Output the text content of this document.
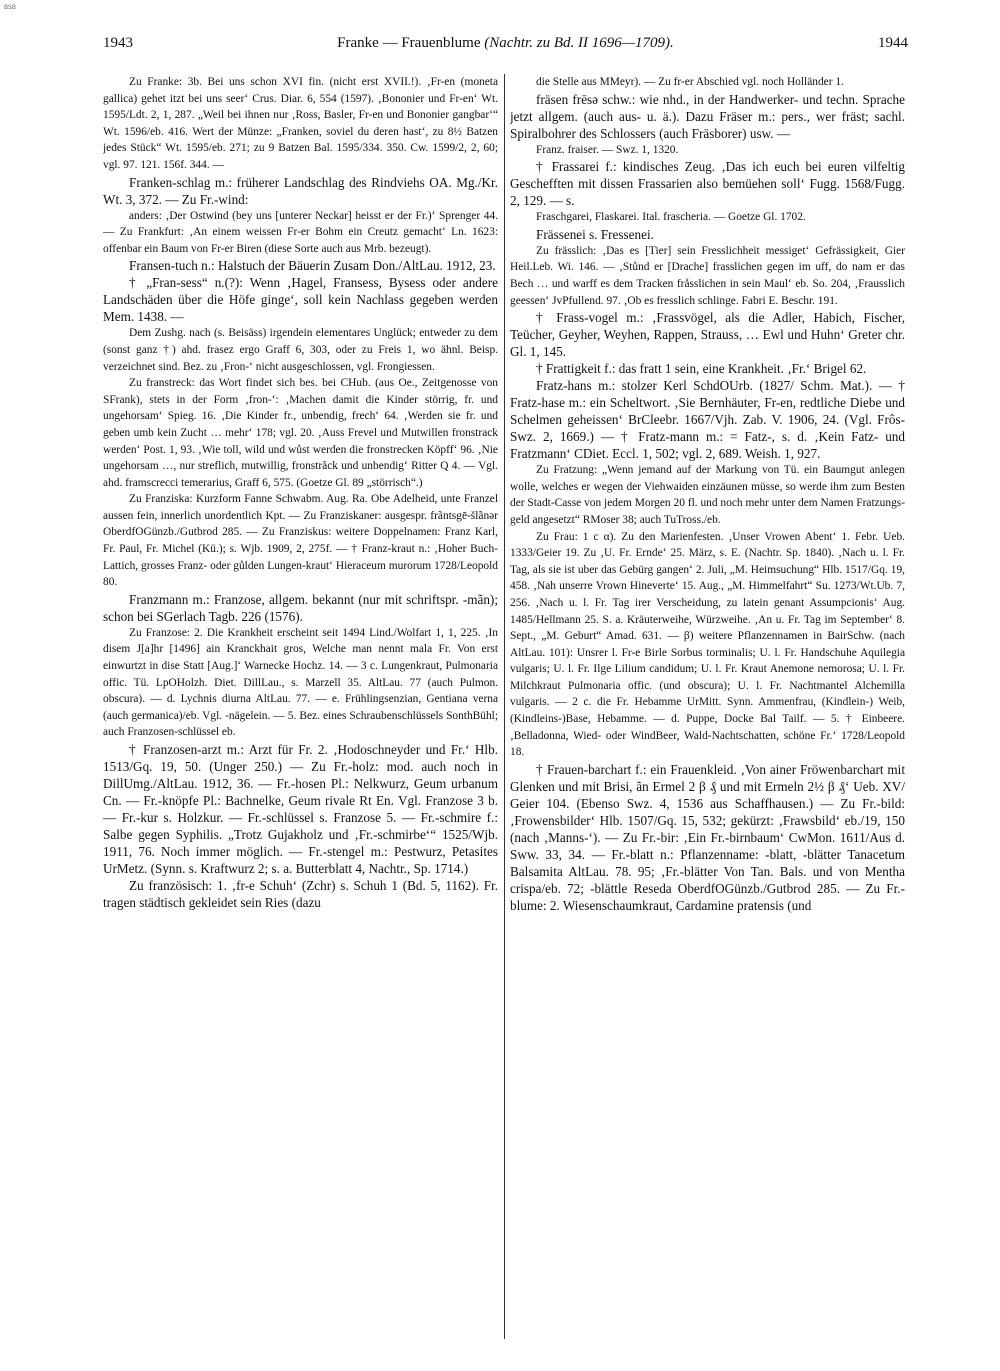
BSB
1943	Franke — Frauenblume (Nachtr. zu Bd. II 1696—1709).	1944

Zu Franke: 3b. Bei uns schon XVI fin. (nicht erst XVII.!). ‚Fr-en (moneta gallica) gehet itzt bei uns seer‘ Crus. Diar. 6, 554 (1597). ‚Bononier und Fr-en‘ Wt. 1595/Ldt. 2, 1, 287. „Weil bei ihnen nur ‚Ross, Basler, Fr-en und Bononier gangbar‘“ Wt. 1596/eb. 416. Wert der Münze: „Franken, soviel du deren hast‘, zu 8½ Batzen jedes Stück“ Wt. 1595/eb. 271; zu 9 Batzen Bal. 1595/334. 350. Cw. 1599/2, 2, 60; vgl. 97. 121. 156f. 344. —

Franken-schlag m.: früherer Landschlag des Rindviehs OA. Mg./Kr. Wt. 3, 372. — Zu Fr.-wind:

anders: ‚Der Ostwind (bey uns [unterer Neckar] heisst er der Fr.)‘ Sprenger 44. — Zu Frankfurt: ‚An einem weissen Fr-er Bohm ein Creutz gemacht‘ Ln. 1623: offenbar ein Baum von Fr-er Biren (diese Sorte auch aus Mrb. bezeugt).

Fransen-tuch n.: Halstuch der Bäuerin Zusam Don./AltLau. 1912, 23.

† „Fran-sess“ n.(?): Wenn ‚Hagel, Fransess, Bysess oder andere Landschäden über die Höfe ginge‘, soll kein Nachlass gegeben werden Mem. 1438. —

Dem Zushg. nach (s. Beisäss) irgendein elementares Unglück; entweder zu dem (sonst ganz †) ahd. frasez ergo Graff 6, 303, oder zu Freis 1, wo ähnl. Beisp. verzeichnet sind. Bez. zu ‚Fron-‘ nicht ausgeschlossen, vgl. Frongiessen.

Zu franstreck: das Wort findet sich bes. bei CHub. (aus Oe., Zeitgenosse von SFrank), stets in der Form ‚fron-‘: ‚Machen damit die Kinder störrig, fr. und ungehorsam‘ Spieg. 16. ‚Die Kinder fr., unbendig, frech‘ 64. ‚Werden sie fr. und geben umb kein Zucht … mehr‘ 178; vgl. 20. ‚Auss Frevel und Mutwillen fronstrack werden‘ Post. 1, 93. ‚Wie toll, wild und wůst werden die fronstrecken Köpff‘ 96. ‚Nie ungehorsam …, nur streflich, mutwillig, fronstrăck und unbendig‘ Ritter Q 4. — Vgl. ahd. framscrecci temerarius, Graff 6, 575. (Goetze Gl. 89 „störrisch“.)

Zu Franziska: Kurzform Fanne Schwabm. Aug. Ra. Obe Adelheid, unte Franzel aussen fein, innerlich unordentlich Kpt. — Zu Franziskaner: ausgespr. frãntsgē-šlãnər OberdfOGünzb./Gutbrod 285. — Zu Franziskus: weitere Doppelnamen: Franz Karl, Fr. Paul, Fr. Michel (Kü.); s. Wjb. 1909, 2, 275f. — † Franz-kraut n.: ‚Hoher Buch-Lattich, grosses Franz- oder gůlden Lungen-kraut‘ Hieraceum murorum 1728/Leopold 80.

Franzmann m.: Franzose, allgem. bekannt (nur mit schriftspr. -mãn); schon bei SGerlach Tagb. 226 (1576).

Zu Franzose: 2. Die Krankheit erscheint seit 1494 Lind./Wolfart 1, 1, 225. ‚In disem J[a]hr [1496] ain Kranckhait gros, Welche man nennt mala Fr. Von erst einwurtzt in dise Statt [Aug.]‘ Warnecke Hochz. 14. — 3 c. Lungenkraut, Pulmonaria offic. Tü. LpOHolzh. Diet. DillLau., s. Marzell 35. AltLau. 77 (auch Pulmon. obscura). — d. Lychnis diurna AltLau. 77. — e. Frühlingsenzian, Gentiana verna (auch germanica)/eb. Vgl. -nägelein. — 5. Bez. eines Schraubenschlüssels SonthBühl; auch Franzosen-schlüssel eb.

† Franzosen-arzt m.: Arzt für Fr. 2. ‚Hodoschneyder und Fr.‘ Hlb. 1513/Gq. 19, 50. (Unger 250.) — Zu Fr.-holz: mod. auch noch in DillUmg./AltLau. 1912, 36. — Fr.-hosen Pl.: Nelkwurz, Geum urbanum Cn. — Fr.-knöpfe Pl.: Bachnelke, Geum rivale Rt En. Vgl. Franzose 3 b. — Fr.-kur s. Holzkur. — Fr.-schlüssel s. Franzose 5. — Fr.-schmire f.: Salbe gegen Syphilis. „Trotz Gujakholz und ‚Fr.-schmirbe‘“ 1525/Wjb. 1911, 76. Noch immer möglich. — Fr.-stengel m.: Pestwurz, Petasites UrMetz. (Synn. s. Kraftwurz 2; s. a. Butterblatt 4, Nachtr., Sp. 1714.)

Zu französisch: 1. ‚fr-e Schuh‘ (Zchr) s. Schuh 1 (Bd. 5, 1162). Fr. tragen städtisch gekleidet sein Ries (dazu

die Stelle aus MMeyr). — Zu fr-er Abschied vgl. noch Holländer 1.

fräsen frēsə schw.: wie nhd., in der Handwerker- und techn. Sprache jetzt allgem. (auch aus- u. ä.). Dazu Fräser m.: pers., wer fräst; sachl. Spiralbohrer des Schlossers (auch Fräsborer) usw. —

Franz. fraiser. — Swz. 1, 1320.

† Frassarei f.: kindisches Zeug. ‚Das ich euch bei euren vilfeltig Geschefften mit dissen Frassarien also bemüehen soll‘ Fugg. 1568/Fugg. 2, 129. — s.

Fraschgarei, Flaskarei. Ital. frascheria. — Goetze Gl. 1702.

Frässenei s. Fressenei.

Zu frässlich: ‚Das es [Tier] sein Fresslichheit messiget‘ Gefrässigkeit, Gier Heil.Leb. Wi. 146. — ‚Stůnd er [Drache] frasslichen gegen im uff, do nam er das Bech … und warff es dem Tracken fråsslichen in sein Maul‘ eb. So. 204, ‚Frausslich geessen‘ JvPfullend. 97. ‚Ob es fresslich schlinge. Fabri E. Beschr. 191.

† Frass-vogel m.: ‚Frassvögel, als die Adler, Habich, Fischer, Teücher, Geyher, Weyhen, Rappen, Strauss, … Ewl und Huhn‘ Greter chr. Gl. 1, 145.

† Frattigkeit f.: das fratt 1 sein, eine Krankheit. ‚Fr.‘ Brigel 62.

Fratz-hans m.: stolzer Kerl SchdOUrb. (1827/ Schm. Mat.). — † Fratz-hase m.: ein Scheltwort. ‚Sie Bernhäuter, Fr-en, redtliche Diebe und Schelmen geheissen‘ BrCleebr. 1667/Vjh. Zab. V. 1906, 24. (Vgl. Frôs- Swz. 2, 1669.) — † Fratz-mann m.: = Fatz-, s. d. ‚Kein Fatz- und Fratzmann‘ CDiet. Eccl. 1, 502; vgl. 2, 689. Weish. 1, 927.

Zu Fratzung: „Wenn jemand auf der Markung von Tü. ein Baumgut anlegen wolle, welches er wegen der Viehwaiden einzäunen müsse, so werde ihm zum Besten der Stadt-Casse von jedem Morgen 20 fl. und noch mehr unter dem Namen Fratzungs-geld angesetzt“ RMoser 38; auch TuTross./eb.

Zu Frau: 1 c α). Zu den Marienfesten. ‚Unser Vrowen Abent‘ 1. Febr. Ueb. 1333/Geier 19. Zu ‚U. Fr. Ernde‘ 25. März, s. E. (Nachtr. Sp. 1840). ‚Nach u. l. Fr. Tag, als sie ist uber das Gebürg gangen‘ 2. Juli, „M. Heimsuchung“ Hlb. 1517/Gq. 19, 458. ‚Nah unserre Vrown Hineverte‘ 15. Aug., „M. Himmelfahrt“ Su. 1273/Wt.Ub. 7, 256. ‚Nach u. l. Fr. Tag irer Verscheidung, zu latein genant Assumpcionis‘ Aug. 1485/Hellmann 25. S. a. Kräuterweihe, Würzweihe. ‚An u. Fr. Tag im September‘ 8. Sept., „M. Geburt“ Amad. 631. — β) weitere Pflanzennamen in BairSchw. (nach AltLau. 101): Unsrer l. Fr-e Birle Sorbus torminalis; U. l. Fr. Handschuhe Aquilegia vulgaris; U. l. Fr. Ilge Lilium candidum; U. l. Fr. Kraut Anemone nemorosa; U. l. Fr. Milchkraut Pulmonaria offic. (und obscura); U. l. Fr. Nachtmantel Alchemilla vulgaris. — 2 c. die Fr. Hebamme UrMitt. Synn. Ammenfrau, (Kindlein-) Weib, (Kindleins-)Base, Hebamme. — d. Puppe, Docke Bal Tailf. — 5. † Einbeere. ‚Belladonna, Wied- oder WindBeer, Wald-Nachtschatten, schöne Fr.‘ 1728/Leopold 18.

† Frauen-barchart f.: ein Frauenkleid. ‚Von ainer Fröwenbarchart mit Glenken und mit Brisi, ãn Ermel 2 β ₰ und mit Ermeln 2½ β ₰‘ Ueb. XV/ Geier 104. (Ebenso Swz. 4, 1536 aus Schaffhausen.) — Zu Fr.-bild: ‚Frowensbilder‘ Hlb. 1507/Gq. 15, 532; gekürzt: ‚Frawsbild‘ eb./19, 150 (nach ‚Manns-‘). — Zu Fr.-bir: ‚Ein Fr.-birnbaum‘ CwMon. 1611/Aus d. Sww. 33, 34. — Fr.-blatt n.: Pflanzenname: -blatt, -blätter Tanacetum Balsamita AltLau. 78. 95; ‚Fr.-blätter Von Tan. Bals. und von Mentha crispa/eb. 72; -blättle Reseda OberdfOGünzb./Gutbrod 285. — Zu Fr.-blume: 2. Wiesenschaumkraut, Cardamine pratensis (und
